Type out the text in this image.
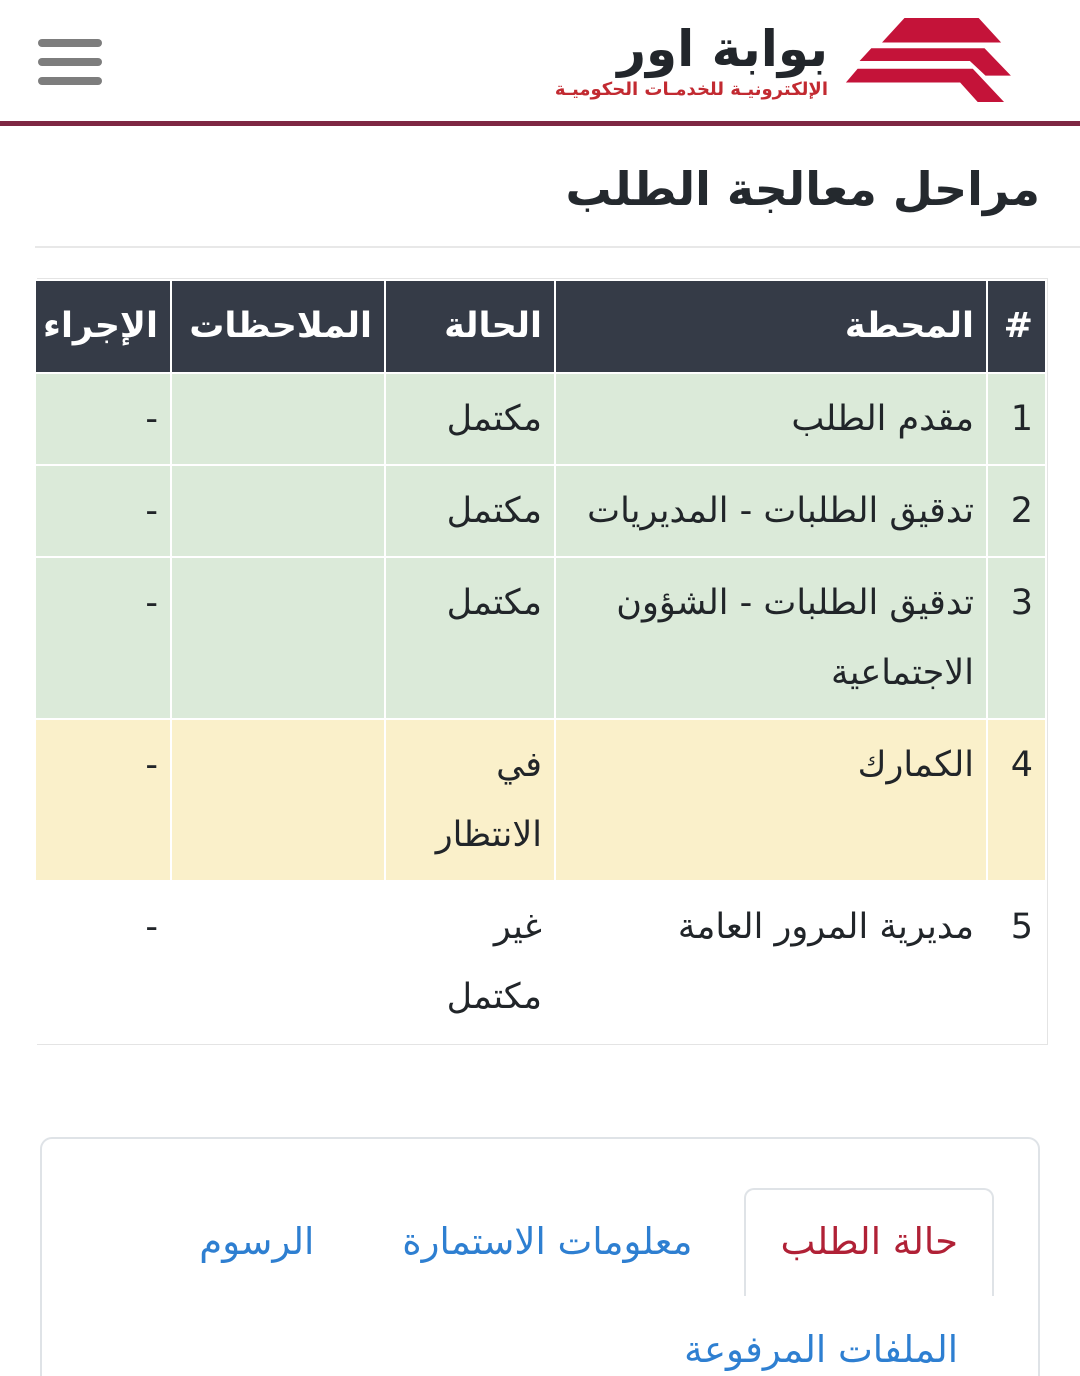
بوابة اور
الإلكترونيـة للخدمـات الحكوميـة
مراحل معالجة الطلب
#	المحطة	الحالة	الملاحظات	الإجراء
1	مقدم الطلب	مكتمل		-
2	تدقيق الطلبات - المديريات	مكتمل		-
3	تدقيق الطلبات - الشؤون الاجتماعية	مكتمل		-
4	الكمارك	في الانتظار		-
5	مديرية المرور العامة	غير مكتمل		-
حالة الطلب
معلومات الاستمارة
الرسوم
الملفات المرفوعة
